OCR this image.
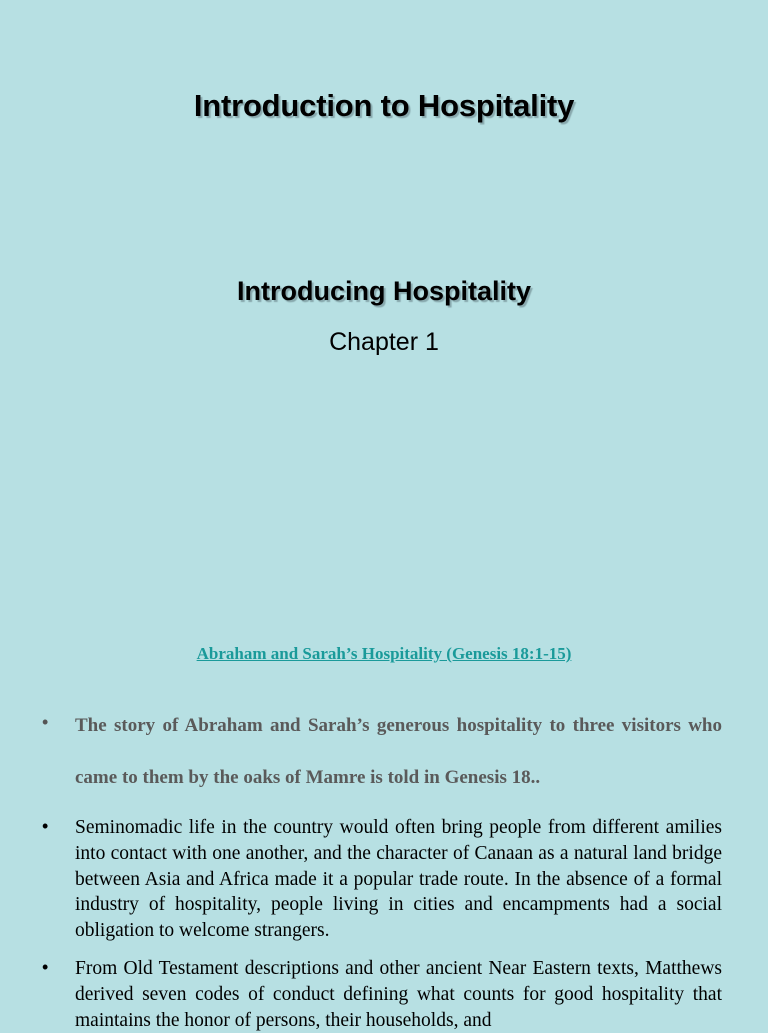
Introduction to Hospitality
Introducing Hospitality
Chapter 1
Abraham and Sarah’s Hospitality (Genesis 18:1-15)
• The story of Abraham and Sarah’s generous hospitality to three visitors who came to them by the oaks of Mamre is told in Genesis 18..
• Seminomadic life in the country would often bring people from different amilies into contact with one another, and the character of Canaan as a natural land bridge between Asia and Africa made it a popular trade route. In the absence of a formal industry of hospitality, people living in cities and encampments had a social obligation to welcome strangers.
• From Old Testament descriptions and other ancient Near Eastern texts, Matthews derived seven codes of conduct defining what counts for good hospitality that maintains the honor of persons, their households, and
